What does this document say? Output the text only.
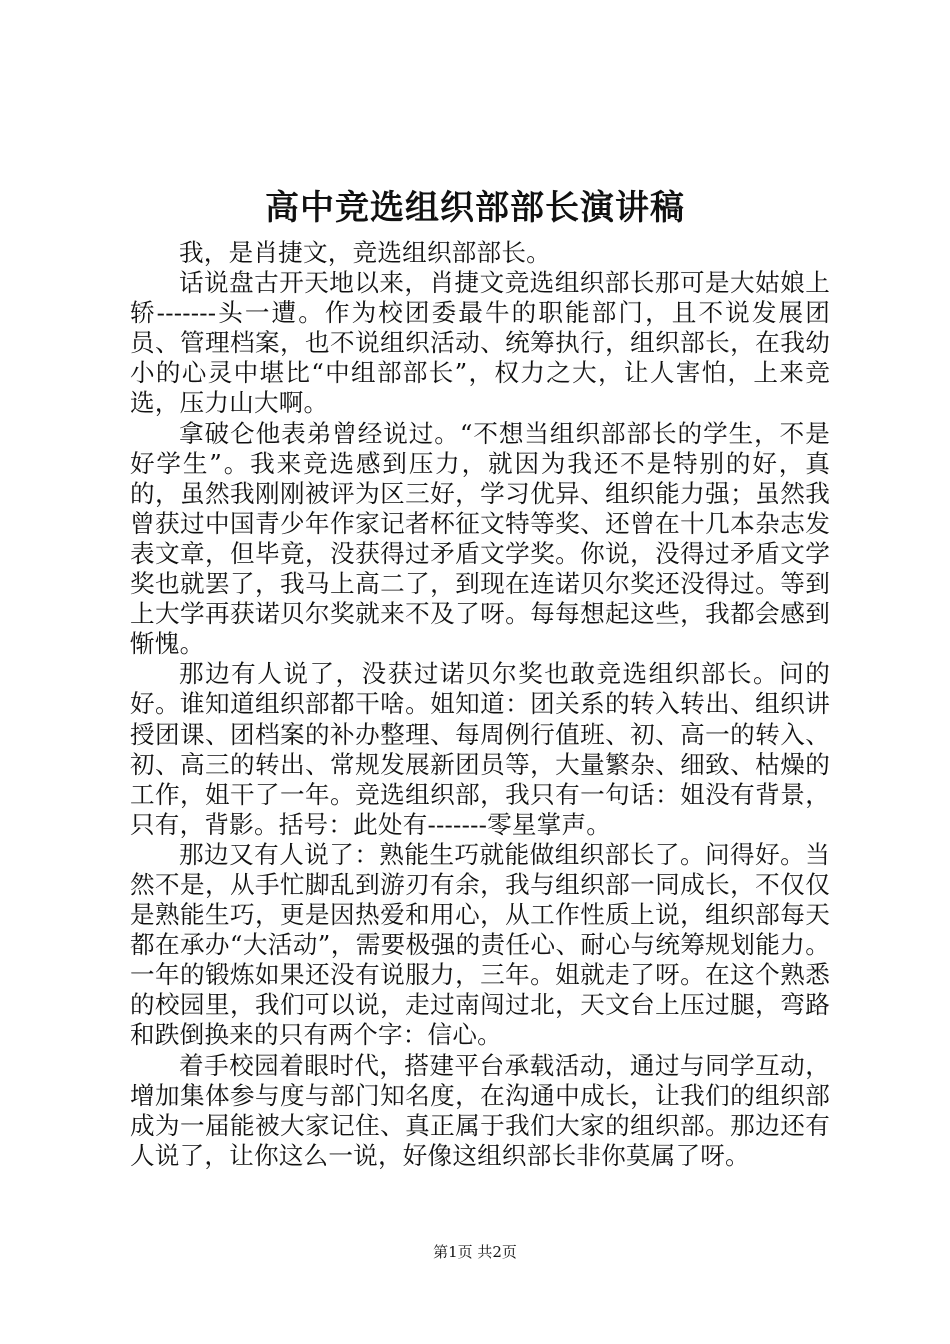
高中竞选组织部部长演讲稿

我，是肖捷文，竞选组织部部长。

话说盘古开天地以来，肖捷文竞选组织部长那可是大姑娘上轿-------头一遭。作为校团委最牛的职能部门，且不说发展团员、管理档案，也不说组织活动、统筹执行，组织部长，在我幼小的心灵中堪比“中组部部长”，权力之大，让人害怕，上来竞选，压力山大啊。

拿破仑他表弟曾经说过。“不想当组织部部长的学生，不是好学生”。我来竞选感到压力，就因为我还不是特别的好，真的，虽然我刚刚被评为区三好，学习优异、组织能力强；虽然我曾获过中国青少年作家记者杯征文特等奖、还曾在十几本杂志发表文章，但毕竟，没获得过矛盾文学奖。你说，没得过矛盾文学奖也就罢了，我马上高二了，到现在连诺贝尔奖还没得过。等到上大学再获诺贝尔奖就来不及了呀。每每想起这些，我都会感到惭愧。

那边有人说了，没获过诺贝尔奖也敢竞选组织部长。问的好。谁知道组织部都干啥。姐知道：团关系的转入转出、组织讲授团课、团档案的补办整理、每周例行值班、初、高一的转入、初、高三的转出、常规发展新团员等，大量繁杂、细致、枯燥的工作，姐干了一年。竞选组织部，我只有一句话：姐没有背景，只有，背影。括号：此处有-------零星掌声。

那边又有人说了：熟能生巧就能做组织部长了。问得好。当然不是，从手忙脚乱到游刃有余，我与组织部一同成长，不仅仅是熟能生巧，更是因热爱和用心，从工作性质上说，组织部每天都在承办“大活动”，需要极强的责任心、耐心与统筹规划能力。一年的锻炼如果还没有说服力，三年。姐就走了呀。在这个熟悉的校园里，我们可以说，走过南闯过北，天文台上压过腿，弯路和跌倒换来的只有两个字：信心。

着手校园着眼时代，搭建平台承载活动，通过与同学互动，增加集体参与度与部门知名度，在沟通中成长，让我们的组织部成为一届能被大家记住、真正属于我们大家的组织部。那边还有人说了，让你这么一说，好像这组织部长非你莫属了呀。

第1页 共2页
